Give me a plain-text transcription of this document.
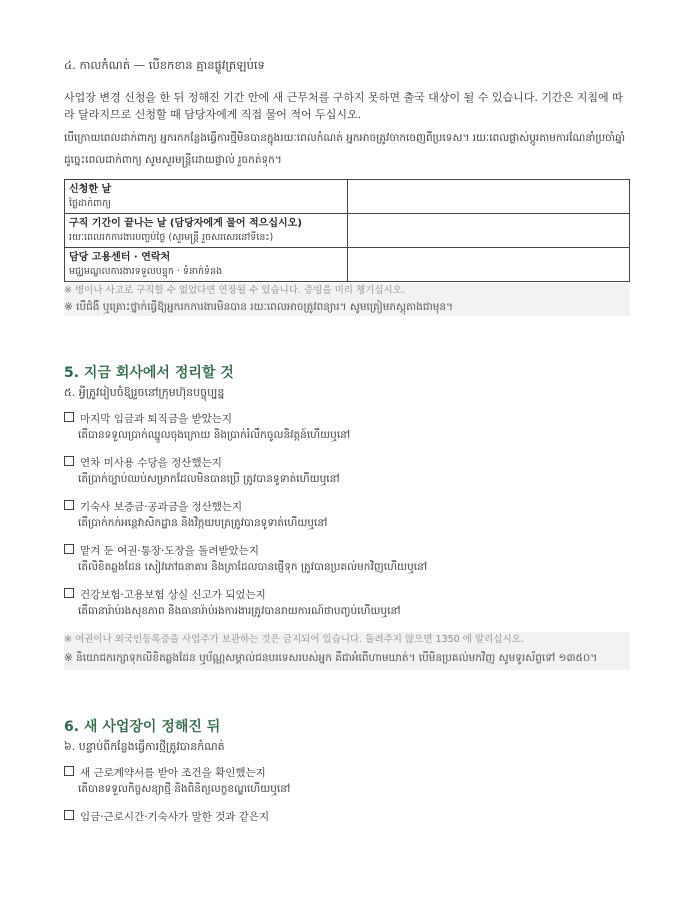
៤. កាលកំណត់ — បើខកខាន គ្មានផ្លូវត្រឡប់ទេ
사업장 변경 신청을 한 뒤 정해진 기간 안에 새 근무처를 구하지 못하면 출국 대상이 될 수 있습니다. 기간은 지침에 따라 달라지므로 신청할 때 담당자에게 직접 물어 적어 두십시오.
បើក្រោយពេលដាក់ពាក្យ អ្នករកកន្លែងធ្វើការថ្មីមិនបានក្នុងរយៈពេលកំណត់ អ្នកអាចត្រូវចាកចេញពីប្រទេស។ រយៈពេលផ្លាស់ប្ដូរតាមការណែនាំប្រចាំឆ្នាំ ដូច្នេះពេលដាក់ពាក្យ សូមសួរមន្ត្រីដោយផ្ទាល់ រួចកត់ទុក។
신청한 날
ថ្ងៃដាក់ពាក្យ	

구직 기간이 끝나는 날 (담당자에게 물어 적으십시오)
រយៈពេលរកការងារបញ្ចប់ថ្ងៃ (សួរមន្ត្រី រួចសរសេរនៅទីនេះ)	

담당 고용센터 · 연락처
មជ្ឈមណ្ឌលការងារទទួលបន្ទុក · ទំនាក់ទំនង	

※ 병이나 사고로 구직할 수 없었다면 연장될 수 있습니다. 증빙을 미리 챙기십시오.
※ បើជំងឺ ឬគ្រោះថ្នាក់ធ្វើឱ្យអ្នករកការងារមិនបាន រយៈពេលអាចត្រូវពន្យារ។ សូមត្រៀមភស្តុតាងជាមុន។
5. 지금 회사에서 정리할 것
៥. អ្វីត្រូវរៀបចំឱ្យរួចនៅក្រុមហ៊ុនបច្ចុប្បន្ន
마지막 임금과 퇴직금을 받았는지
តើបានទទួលប្រាក់ឈ្នួលចុងក្រោយ និងប្រាក់រំលឹកចូលនិវត្តន៍ហើយឬនៅ
연차 미사용 수당을 정산했는지
តើប្រាក់ច្បាប់ឈប់សម្រាកដែលមិនបានប្រើ ត្រូវបានទូទាត់ហើយឬនៅ
기숙사 보증금·공과금을 정산했는지
តើប្រាក់កក់អន្តេវាសិកដ្ឋាន និងវិក្កយបត្រត្រូវបានទូទាត់ហើយឬនៅ
맡겨 둔 여권·통장·도장을 돌려받았는지
តើលិខិតឆ្លងដែន សៀវភៅធនាគារ និងត្រាដែលបានផ្ញើទុក ត្រូវបានប្រគល់មកវិញហើយឬនៅ
건강보험·고용보험 상실 신고가 되었는지
តើធានារ៉ាប់រងសុខភាព និងធានារ៉ាប់រងការងារត្រូវបានរាយការណ៍ថាបញ្ចប់ហើយឬនៅ
※ 여권이나 외국인등록증을 사업주가 보관하는 것은 금지되어 있습니다. 돌려주지 않으면 1350 에 알리십시오.
※ និយោជករក្សាទុកលិខិតឆ្លងដែន ឬប័ណ្ណសម្គាល់ជនបរទេសរបស់អ្នក គឺជាអំពើហាមឃាត់។ បើមិនប្រគល់មកវិញ សូមទូរស័ព្ទទៅ ១៣៥០។
6. 새 사업장이 정해진 뒤
៦. បន្ទាប់ពីកន្លែងធ្វើការថ្មីត្រូវបានកំណត់
새 근로계약서를 받아 조건을 확인했는지
តើបានទទួលកិច្ចសន្យាថ្មី និងពិនិត្យលក្ខខណ្ឌហើយឬនៅ
임금·근로시간·기숙사가 말한 것과 같은지
